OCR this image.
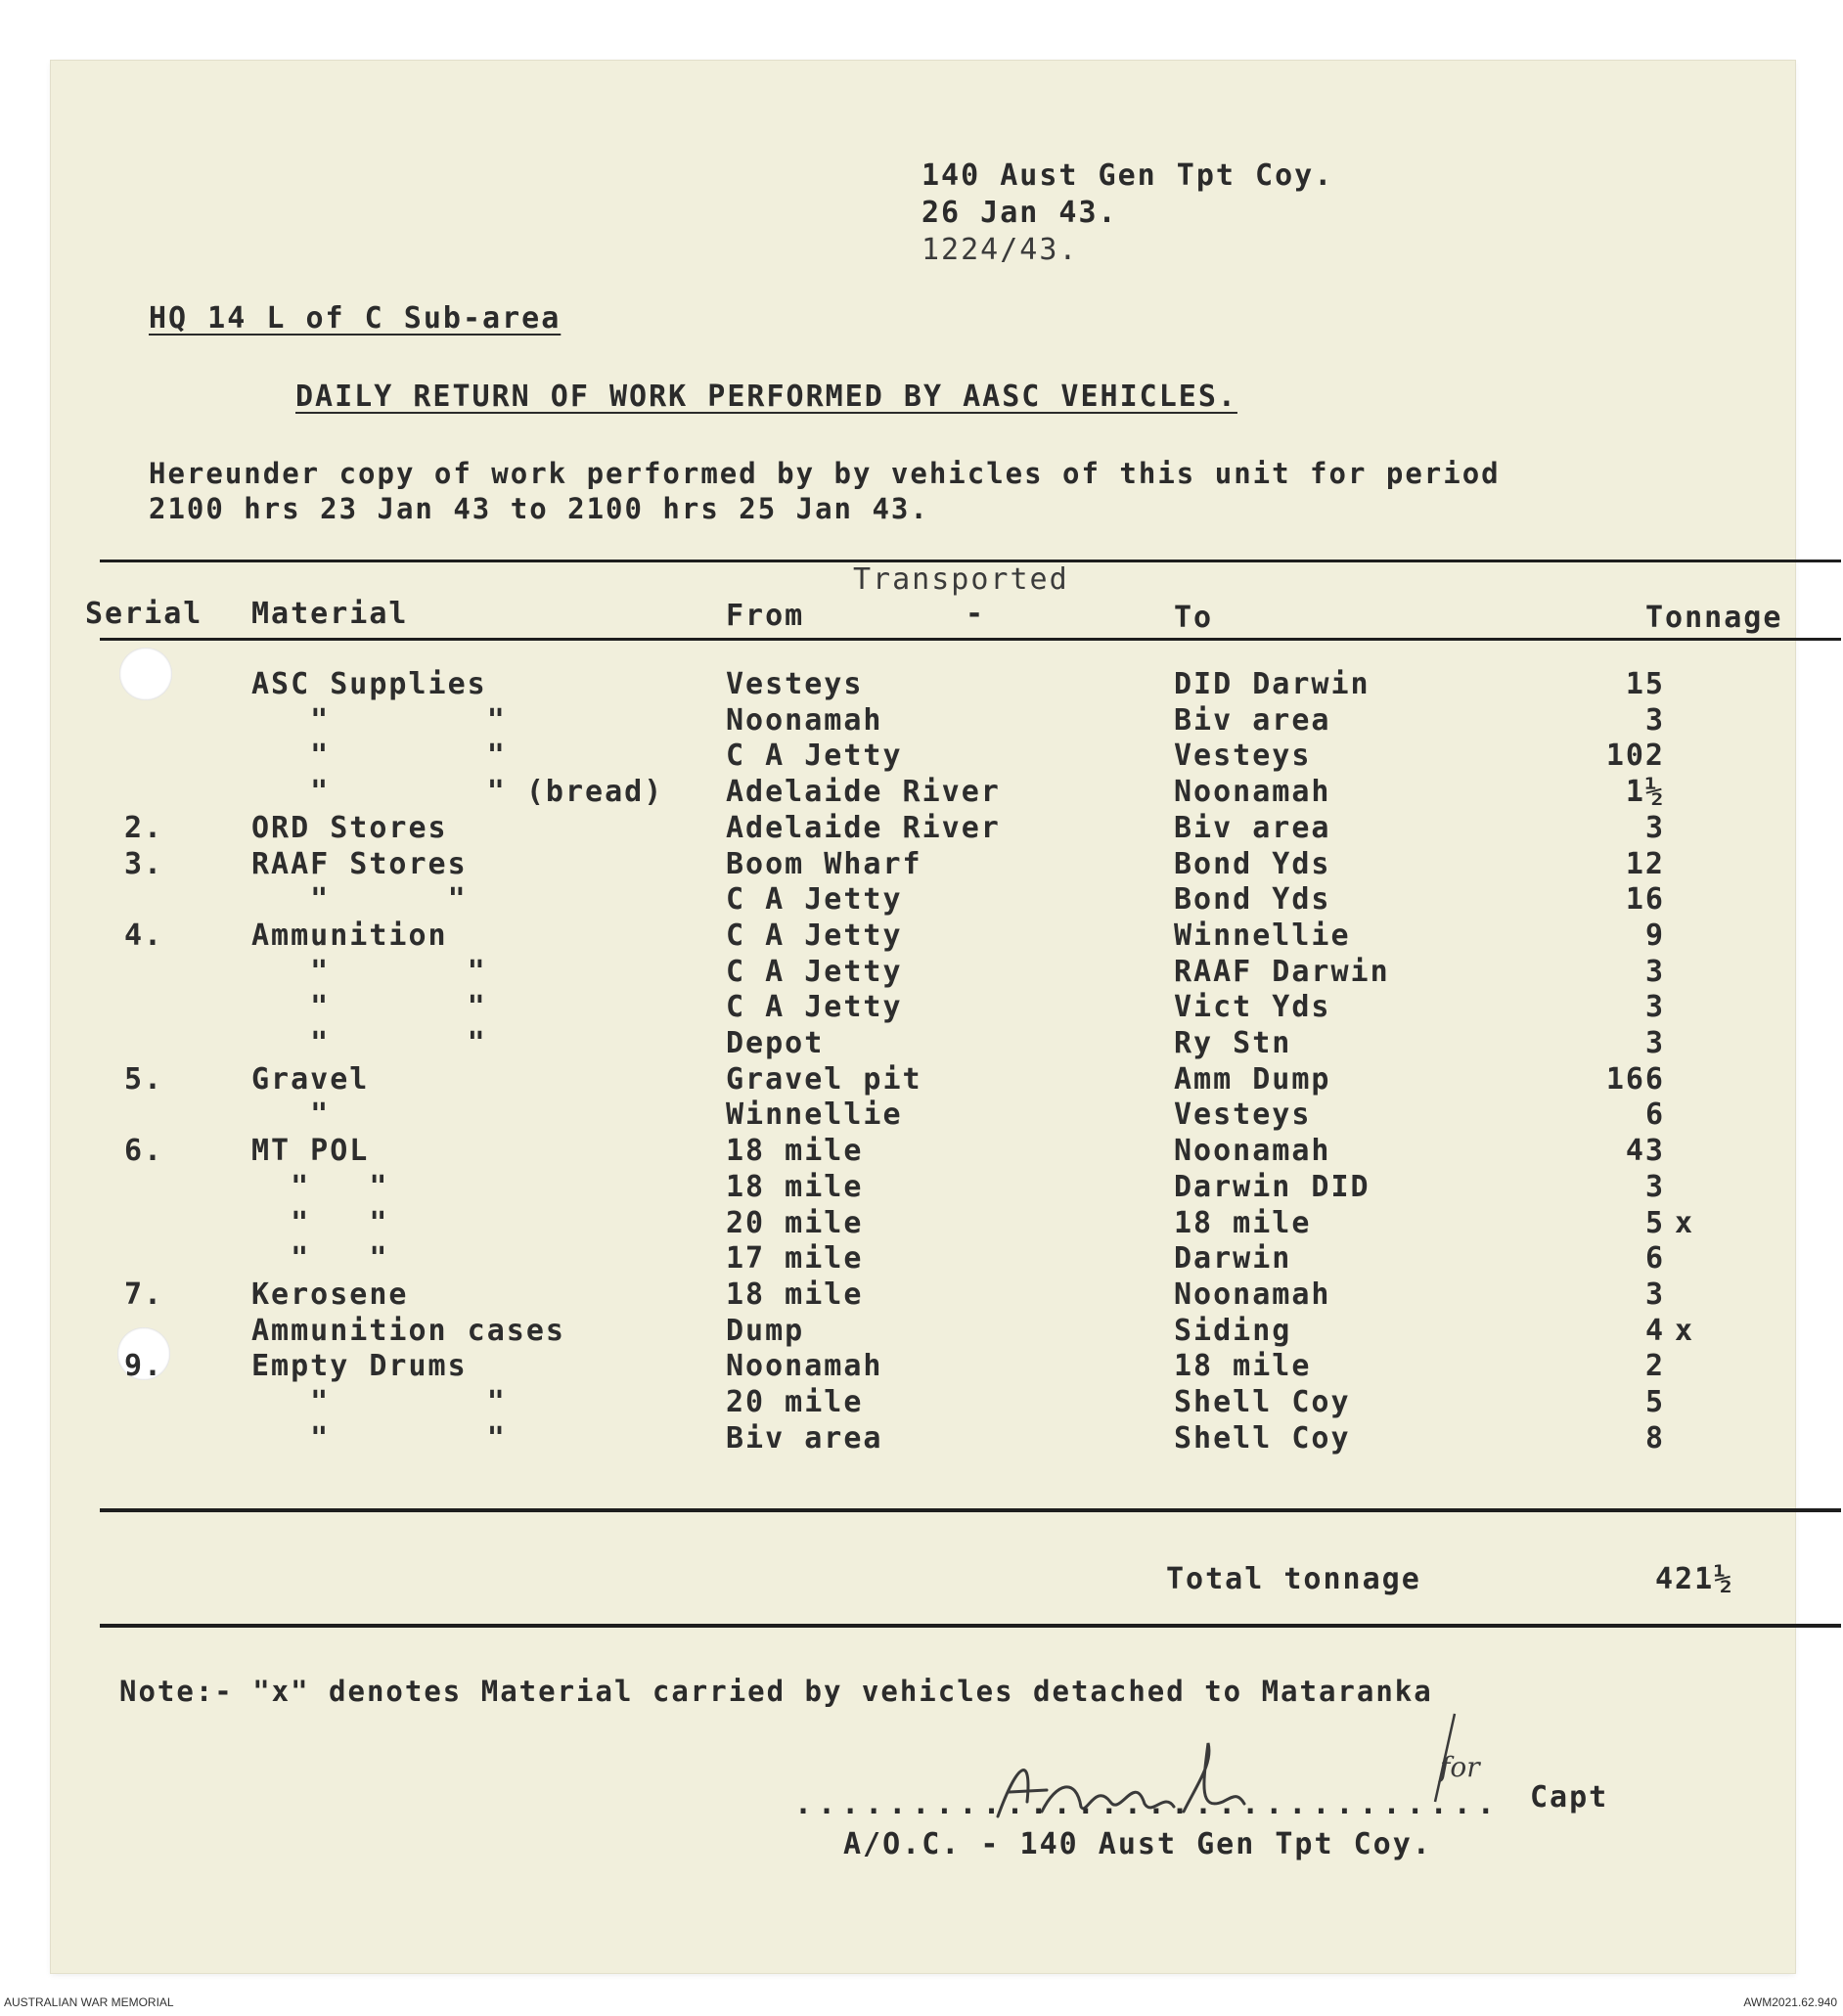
140 Aust Gen Tpt Coy.
26 Jan 43.
1224/43.
HQ 14 L of C Sub-area
DAILY RETURN OF WORK PERFORMED BY AASC VEHICLES.
Hereunder copy of work performed by by vehicles of this unit for period
2100 hrs 23 Jan 43 to 2100 hrs 25 Jan 43.
Transported
Serial Material	From	-	To	Tonnage
ASC Supplies	Vesteys	DID Darwin	15
"        "	Noonamah	Biv area	3
"        "	C A Jetty	Vesteys	102
"        " (bread)	Adelaide River	Noonamah	1½
2.	ORD Stores	Adelaide River	Biv area	3
3.	RAAF Stores	Boom Wharf	Bond Yds	12
"      "	C A Jetty	Bond Yds	16
4.	Ammunition	C A Jetty	Winnellie	9
"       "	C A Jetty	RAAF Darwin	3
"       "	C A Jetty	Vict Yds	3
"       "	Depot	Ry Stn	3
5.	Gravel	Gravel pit	Amm Dump	166
"	Winnellie	Vesteys	6
6.	MT POL	18 mile	Noonamah	43
"   "	18 mile	Darwin DID	3
"   "	20 mile	18 mile	5 x
"   "	17 mile	Darwin	6
7.	Kerosene	18 mile	Noonamah	3
Ammunition cases	Dump	Siding	4 x
9.	Empty Drums	Noonamah	18 mile	2
"        "	20 mile	Shell Coy	5
"        "	Biv area	Shell Coy	8
Total tonnage	421½
Note:- "x" denotes Material carried by vehicles detached to Mataranka
..............................
for
Capt
A/O.C. - 140 Aust Gen Tpt Coy.
AUSTRALIAN WAR MEMORIAL	AWM2021.62.940
